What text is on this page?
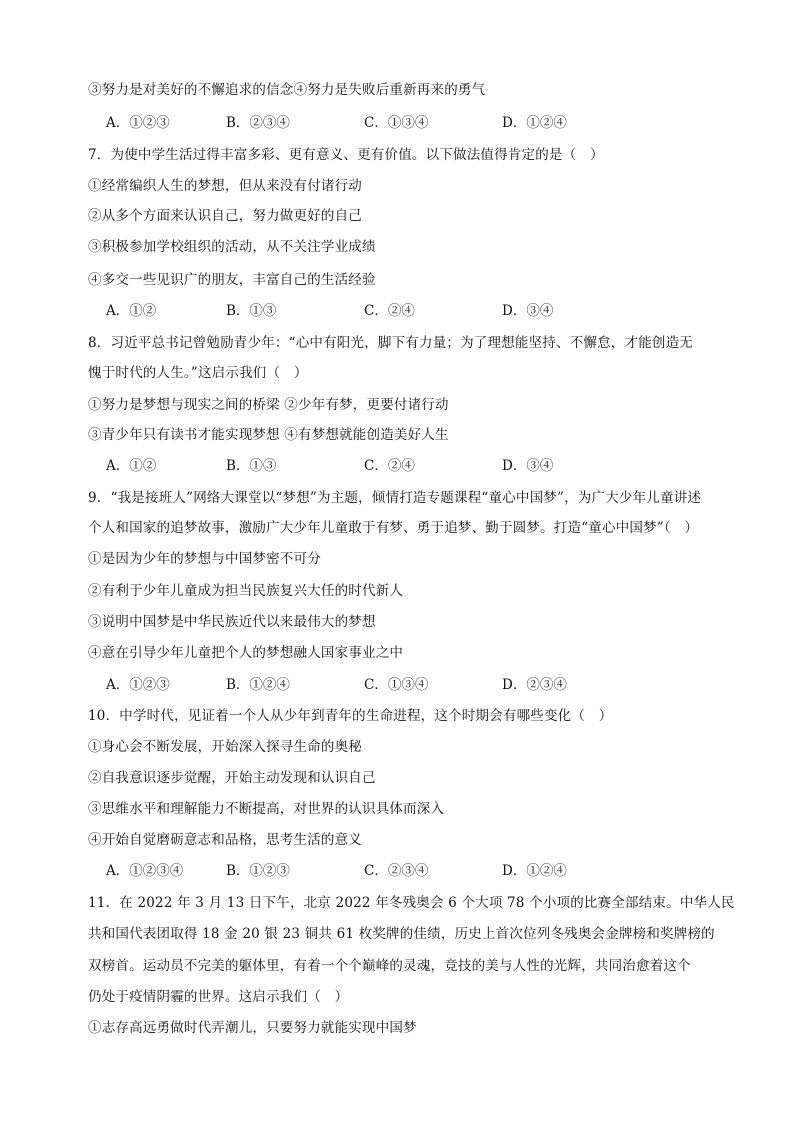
③努力是对美好的不懈追求的信念④努力是失败后重新再来的勇气
A．①②③	B．②③④	C．①③④	D．①②④
7．为使中学生活过得丰富多彩、更有意义、更有价值。以下做法值得肯定的是（　）
①经常编织人生的梦想，但从来没有付诸行动
②从多个方面来认识自己，努力做更好的自己
③积极参加学校组织的活动，从不关注学业成绩
④多交一些见识广的朋友，丰富自己的生活经验
A．①②	B．①③	C．②④	D．③④
8．习近平总书记曾勉励青少年：“心中有阳光，脚下有力量；为了理想能坚持、不懈怠，才能创造无
愧于时代的人生。”这启示我们（　）
①努力是梦想与现实之间的桥梁 ②少年有梦，更要付诸行动
③青少年只有读书才能实现梦想 ④有梦想就能创造美好人生
A．①②	B．①③	C．②④	D．③④
9．“我是接班人”网络大课堂以“梦想”为主题，倾情打造专题课程“童心中国梦”，为广大少年儿童讲述
个人和国家的追梦故事，激励广大少年儿童敢于有梦、勇于追梦、勤于圆梦。打造“童心中国梦”（　）
①是因为少年的梦想与中国梦密不可分
②有利于少年儿童成为担当民族复兴大任的时代新人
③说明中国梦是中华民族近代以来最伟大的梦想
④意在引导少年儿童把个人的梦想融人国家事业之中
A．①②③	B．①②④	C．①③④	D．②③④
10．中学时代，见证着一个人从少年到青年的生命进程，这个时期会有哪些变化（　）
①身心会不断发展，开始深入探寻生命的奥秘
②自我意识逐步觉醒，开始主动发现和认识自己
③思维水平和理解能力不断提高，对世界的认识具体而深入
④开始自觉磨砺意志和品格，思考生活的意义
A．①②③④	B．①②③	C．②③④	D．①②④
11．在 2022 年 3 月 13 日下午，北京 2022 年冬残奥会 6 个大项 78 个小项的比赛全部结束。中华人民
共和国代表团取得 18 金 20 银 23 铜共 61 枚奖牌的佳绩，历史上首次位列冬残奥会金牌榜和奖牌榜的
双榜首。运动员不完美的躯体里，有着一个个巅峰的灵魂，竞技的美与人性的光辉，共同治愈着这个
仍处于疫情阴霾的世界。这启示我们（　）
①志存高远勇做时代弄潮儿，只要努力就能实现中国梦
